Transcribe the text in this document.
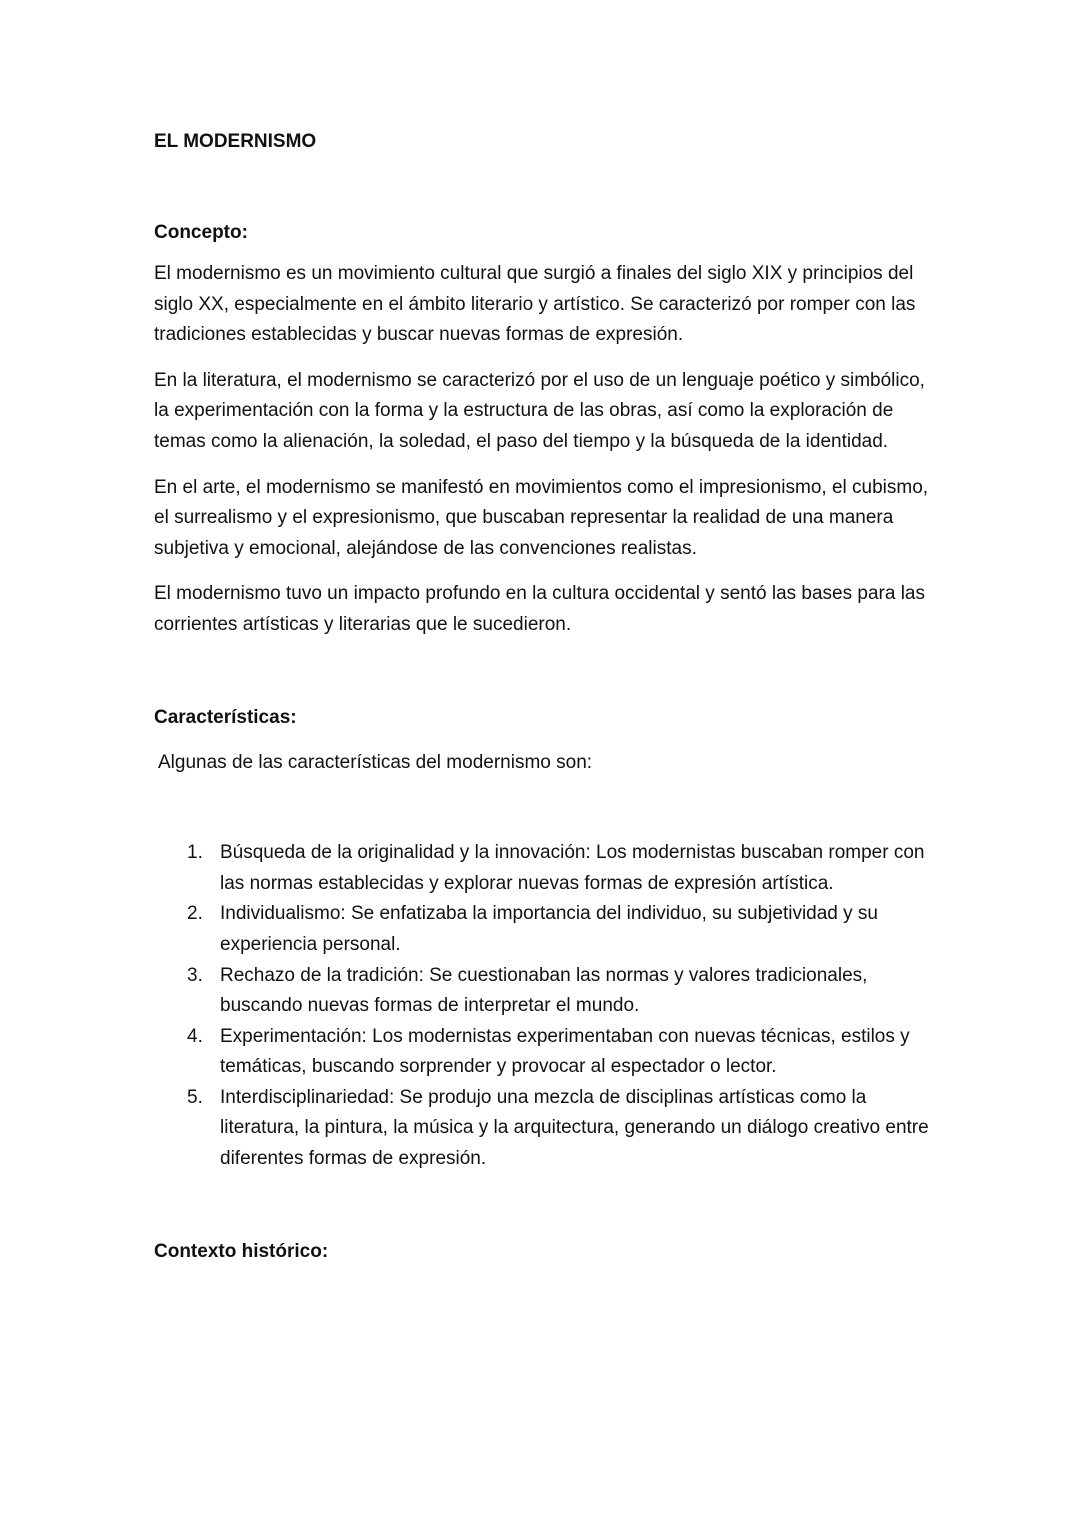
EL MODERNISMO
Concepto:

El modernismo es un movimiento cultural que surgió a finales del siglo XIX y principios del siglo XX, especialmente en el ámbito literario y artístico. Se caracterizó por romper con las tradiciones establecidas y buscar nuevas formas de expresión.

En la literatura, el modernismo se caracterizó por el uso de un lenguaje poético y simbólico, la experimentación con la forma y la estructura de las obras, así como la exploración de temas como la alienación, la soledad, el paso del tiempo y la búsqueda de la identidad.

En el arte, el modernismo se manifestó en movimientos como el impresionismo, el cubismo, el surrealismo y el expresionismo, que buscaban representar la realidad de una manera subjetiva y emocional, alejándose de las convenciones realistas.

El modernismo tuvo un impacto profundo en la cultura occidental y sentó las bases para las corrientes artísticas y literarias que le sucedieron.

Características:

Algunas de las características del modernismo son:

1. Búsqueda de la originalidad y la innovación: Los modernistas buscaban romper con las normas establecidas y explorar nuevas formas de expresión artística.
2. Individualismo: Se enfatizaba la importancia del individuo, su subjetividad y su experiencia personal.
3. Rechazo de la tradición: Se cuestionaban las normas y valores tradicionales, buscando nuevas formas de interpretar el mundo.
4. Experimentación: Los modernistas experimentaban con nuevas técnicas, estilos y temáticas, buscando sorprender y provocar al espectador o lector.
5. Interdisciplinariedad: Se produjo una mezcla de disciplinas artísticas como la literatura, la pintura, la música y la arquitectura, generando un diálogo creativo entre diferentes formas de expresión.
Contexto histórico:
